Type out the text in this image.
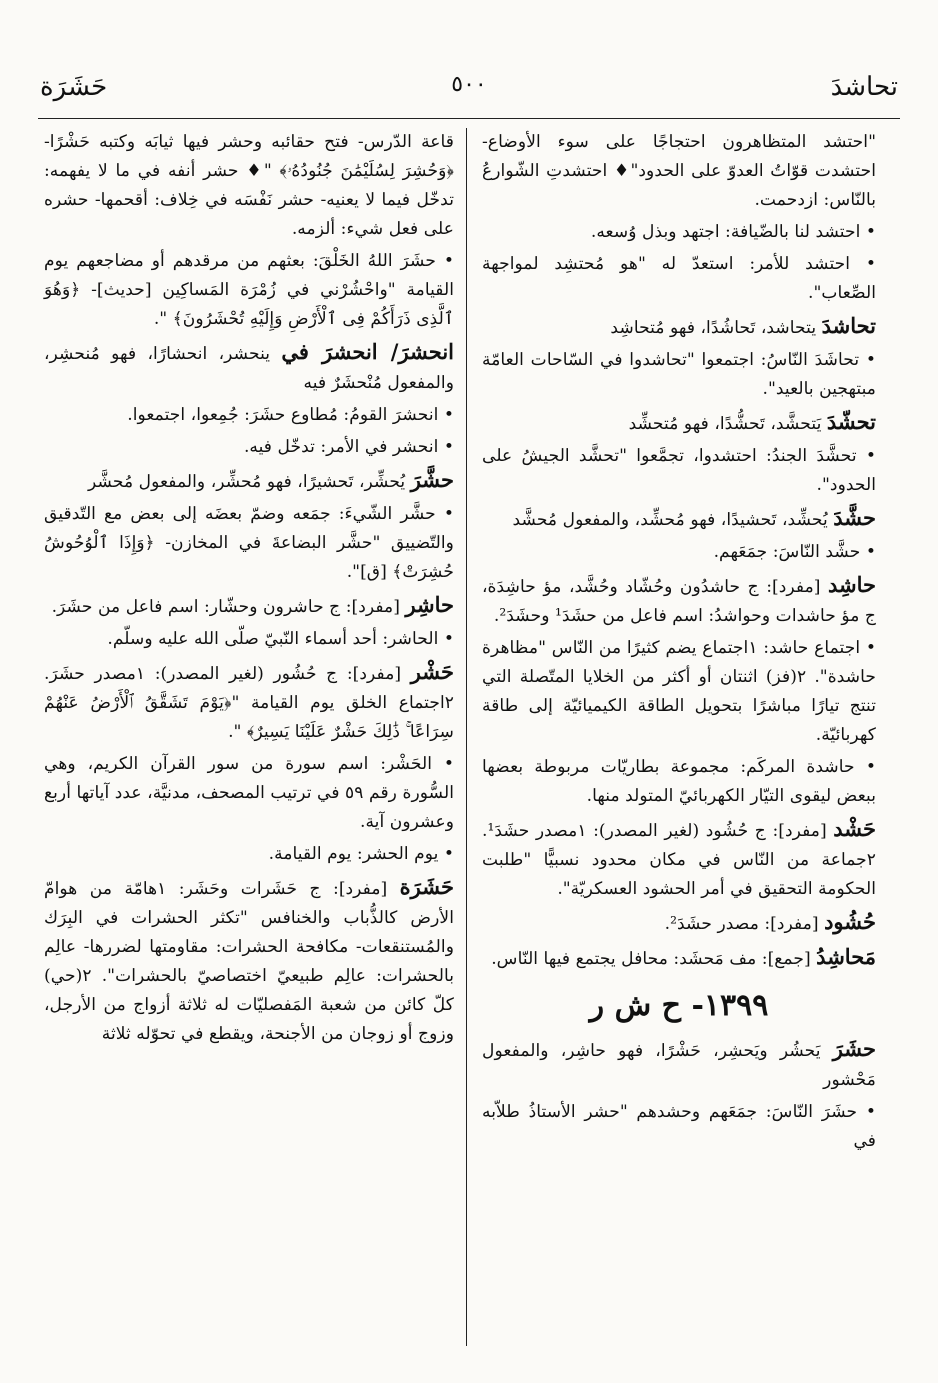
تحاشدَ
٥٠٠
حَشَرَة

"احتشد المتظاهرون احتجاجًا على سوء الأوضاع- احتشدت قوّاتُ العدوّ على الحدود"♦ احتشدتِ الشّوارعُ بالنّاس: ازدحمت.

• احتشد لنا بالضّيافة: اجتهد وبذل وُسعه.

• احتشد للأمر: استعدّ له "هو مُحتشِد لمواجهة الصِّعاب".

تحاشدَ يتحاشد، تَحاشُدًا، فهو مُتحاشِد

• تحاشَدَ النّاسُ: اجتمعوا "تحاشدوا في السّاحات العامّة مبتهجين بالعيد".

تحشّدَ يَتحشَّد، تَحشُّدًا، فهو مُتحشِّد

• تحشَّدَ الجندُ: احتشدوا، تجمَّعوا "تحشَّد الجيشُ على الحدود".

حشَّدَ يُحشِّد، تَحشيدًا، فهو مُحشِّد، والمفعول مُحشَّد

• حشَّد النّاسَ: جمَعَهم.

حاشِد [مفرد]: ج حاشدُون وحُشّاد وحُشَّد، مؤ حاشِدَة، ج مؤ حاشدات وحواشدُ: اسم فاعل من حشَدَ¹ وحشَدَ².

• اجتماع حاشد: ١اجتماع يضم كثيرًا من النّاس "مظاهرة حاشدة". ٢(فز) اثنتان أو أكثر من الخلايا المتّصلة التي تنتج تيارًا مباشرًا بتحويل الطاقة الكيميائيّة إلى طاقة كهربائيّة.

• حاشدة المركَم: مجموعة بطاريّات مربوطة بعضها ببعض ليقوى التيّار الكهربائيّ المتولد منها.

حَشْد [مفرد]: ج حُشُود (لغير المصدر): ١مصدر حشَدَ¹. ٢جماعة من النّاس في مكان محدود نسبيًّا "طلبت الحكومة التحقيق في أمر الحشود العسكريّة".

حُشُود [مفرد]: مصدر حشَدَ².

مَحاشِدُ [جمع]: مف مَحشَد: محافل يجتمع فيها النّاس.

١٣٩٩- ح ش ر

حشَرَ يَحشُر ويَحشِر، حَشْرًا، فهو حاشِر، والمفعول مَحْشور

• حشَرَ النّاسَ: جمَعَهم وحشدهم "حشر الأستاذُ طلاّبه في

قاعة الدّرس- فتح حقائبه وحشر فيها ثيابَه وكتبه حَشْرًا- ﴿وَحُشِرَ لِسُلَيْمَٰنَ جُنُودُهُۥ﴾ "♦ حشر أنفه في ما لا يفهمه: تدخّل فيما لا يعنيه- حشر نَفْسَه في خِلاف: أقحمها- حشره على فعل شيء: ألزمه.

• حشَرَ اللهُ الخَلْقَ: بعثهم من مرقدهم أو مضاجعهم يوم القيامة "واحْشُرْني في زُمْرَة المَساكِين [حديث]- ﴿وَهُوَ ٱلَّذِى ذَرَأَكُمْ فِى ٱلْأَرْضِ وَإِلَيْهِ تُحْشَرُونَ﴾ ".

انحشرَ/ انحشرَ في ينحشر، انحشارًا، فهو مُنحشِر، والمفعول مُنْحشَرٌ فيه

• انحشرَ القومُ: مُطاوع حشَرَ: جُمِعوا، اجتمعوا.

• انحشر في الأمر: تدخّل فيه.

حشَّرَ يُحشِّر، تَحشيرًا، فهو مُحشِّر، والمفعول مُحشَّر

• حشَّر الشّيءَ: جمَعه وضمّ بعضَه إلى بعض مع التّدقيق والتّضييق "حشَّر البضاعةَ في المخازن- ﴿وَإِذَا ٱلْوُحُوشُ حُشِرَتْ﴾ [ق]".

حاشِر [مفرد]: ج حاشرون وحشّار: اسم فاعل من حشَرَ.

• الحاشر: أحد أسماء النّبيّ صلّى الله عليه وسلّم.

حَشْر [مفرد]: ج حُشُور (لغير المصدر): ١مصدر حشَرَ. ٢اجتماع الخلق يوم القيامة "﴿يَوْمَ تَشَقَّقُ ٱلْأَرْضُ عَنْهُمْ سِرَاعًا ۚ ذَٰلِكَ حَشْرٌ عَلَيْنَا يَسِيرٌ﴾ ".

• الحَشْر: اسم سورة من سور القرآن الكريم، وهي السُّورة رقم ٥٩ في ترتيب المصحف، مدنيَّة، عدد آياتها أربع وعشرون آية.

• يوم الحشر: يوم القيامة.

حَشَرَة [مفرد]: ج حَشَرات وحَشَر: ١هامّة من هوامّ الأرض كالذُّباب والخنافس "تكثر الحشرات في البِرَك والمُستنقعات- مكافحة الحشرات: مقاومتها لضررها- عالِم بالحشرات: عالِم طبيعيّ اختصاصيّ بالحشرات". ٢(حي) كلّ كائن من شعبة المَفصليّات له ثلاثة أزواج من الأرجل، وزوج أو زوجان من الأجنحة، ويقطع في تحوّله ثلاثة
